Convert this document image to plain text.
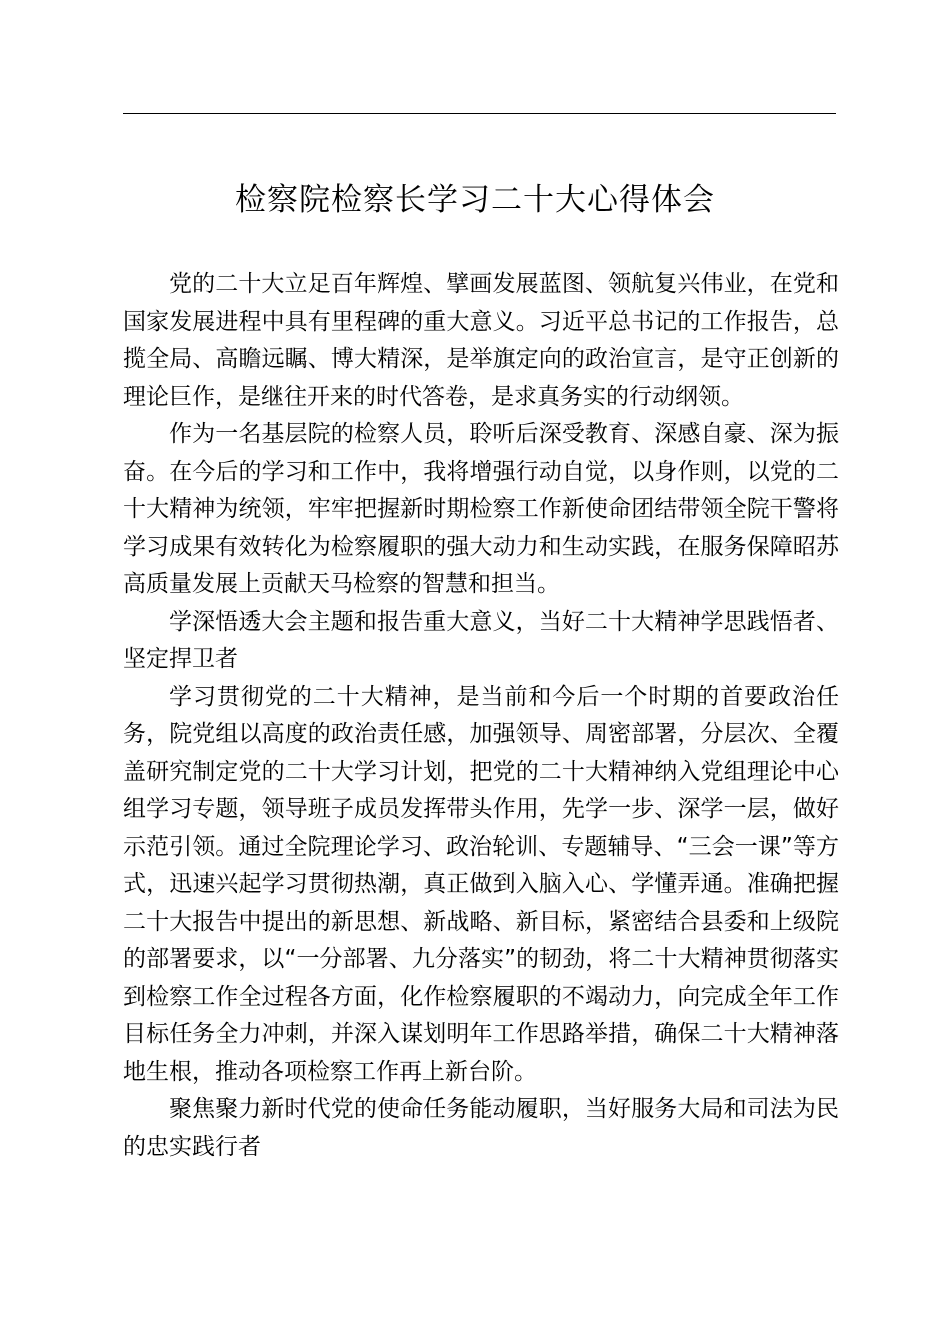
检察院检察长学习二十大心得体会

党的二十大立足百年辉煌、擘画发展蓝图、领航复兴伟业，在党和国家发展进程中具有里程碑的重大意义。习近平总书记的工作报告，总揽全局、高瞻远瞩、博大精深，是举旗定向的政治宣言，是守正创新的理论巨作，是继往开来的时代答卷，是求真务实的行动纲领。

作为一名基层院的检察人员，聆听后深受教育、深感自豪、深为振奋。在今后的学习和工作中，我将增强行动自觉，以身作则，以党的二十大精神为统领，牢牢把握新时期检察工作新使命团结带领全院干警将学习成果有效转化为检察履职的强大动力和生动实践，在服务保障昭苏高质量发展上贡献天马检察的智慧和担当。

学深悟透大会主题和报告重大意义，当好二十大精神学思践悟者、坚定捍卫者

学习贯彻党的二十大精神，是当前和今后一个时期的首要政治任务，院党组以高度的政治责任感，加强领导、周密部署，分层次、全覆盖研究制定党的二十大学习计划，把党的二十大精神纳入党组理论中心组学习专题，领导班子成员发挥带头作用，先学一步、深学一层，做好示范引领。通过全院理论学习、政治轮训、专题辅导、“三会一课”等方式，迅速兴起学习贯彻热潮，真正做到入脑入心、学懂弄通。准确把握二十大报告中提出的新思想、新战略、新目标，紧密结合县委和上级院的部署要求，以“一分部署、九分落实”的韧劲，将二十大精神贯彻落实到检察工作全过程各方面，化作检察履职的不竭动力，向完成全年工作目标任务全力冲刺，并深入谋划明年工作思路举措，确保二十大精神落地生根，推动各项检察工作再上新台阶。

聚焦聚力新时代党的使命任务能动履职，当好服务大局和司法为民的忠实践行者
